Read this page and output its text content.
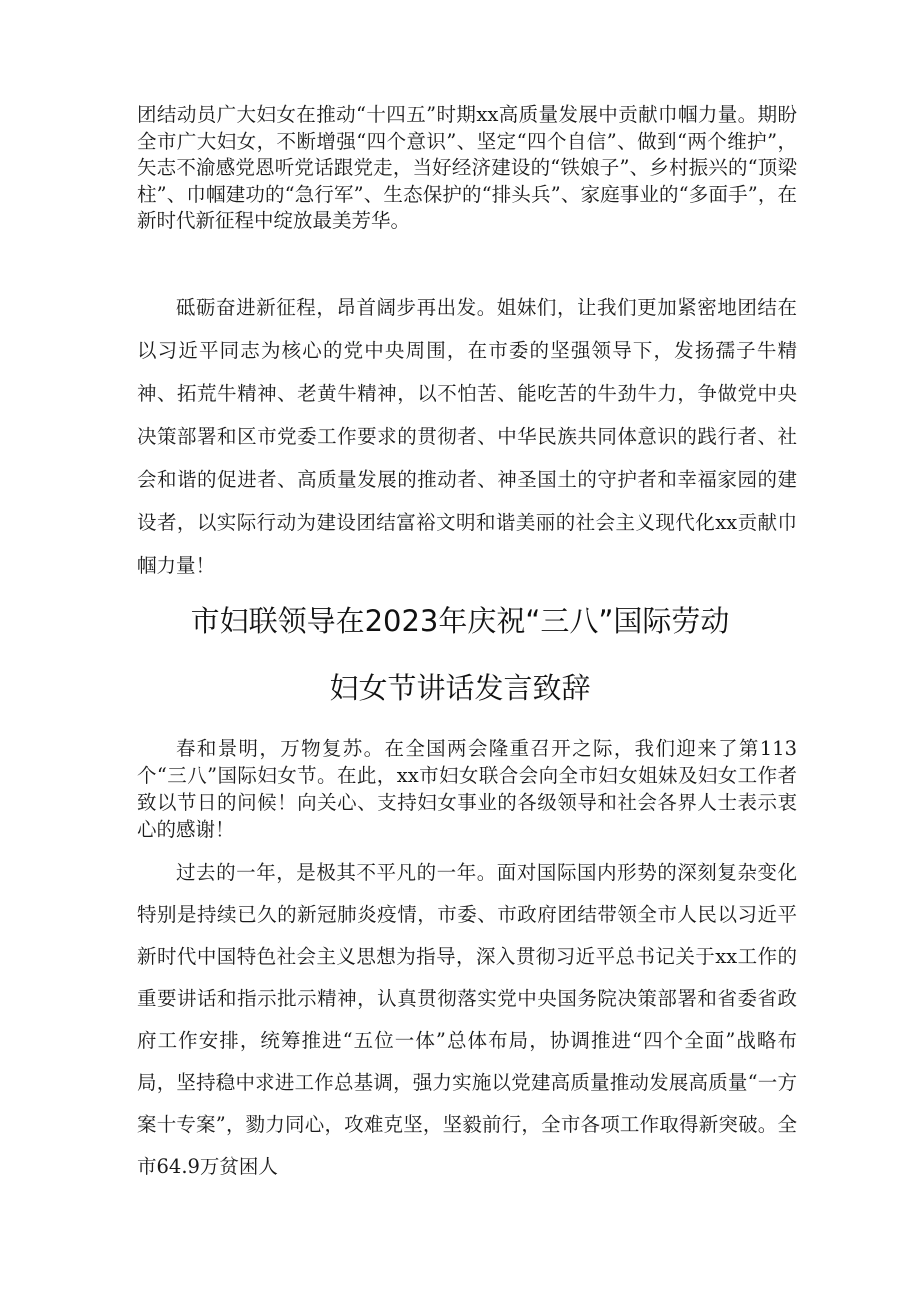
团结动员广大妇女在推动“十四五”时期xx高质量发展中贡献巾帼力量。期盼全市广大妇女，不断增强“四个意识”、坚定“四个自信”、做到“两个维护”，矢志不渝感党恩听党话跟党走，当好经济建设的“铁娘子”、乡村振兴的“顶梁柱”、巾帼建功的“急行军”、生态保护的“排头兵”、家庭事业的“多面手”，在新时代新征程中绽放最美芳华。

砥砺奋进新征程，昂首阔步再出发。姐妹们，让我们更加紧密地团结在以习近平同志为核心的党中央周围，在市委的坚强领导下，发扬孺子牛精神、拓荒牛精神、老黄牛精神，以不怕苦、能吃苦的牛劲牛力，争做党中央决策部署和区市党委工作要求的贯彻者、中华民族共同体意识的践行者、社会和谐的促进者、高质量发展的推动者、神圣国土的守护者和幸福家园的建设者，以实际行动为建设团结富裕文明和谐美丽的社会主义现代化xx贡献巾帼力量！

市妇联领导在2023年庆祝“三八”国际劳动
妇女节讲话发言致辞

春和景明，万物复苏。在全国两会隆重召开之际，我们迎来了第113个“三八”国际妇女节。在此，xx市妇女联合会向全市妇女姐妹及妇女工作者致以节日的问候！向关心、支持妇女事业的各级领导和社会各界人士表示衷心的感谢！

过去的一年，是极其不平凡的一年。面对国际国内形势的深刻复杂变化特别是持续已久的新冠肺炎疫情，市委、市政府团结带领全市人民以习近平新时代中国特色社会主义思想为指导，深入贯彻习近平总书记关于xx工作的重要讲话和指示批示精神，认真贯彻落实党中央国务院决策部署和省委省政府工作安排，统筹推进“五位一体”总体布局，协调推进“四个全面”战略布局，坚持稳中求进工作总基调，强力实施以党建高质量推动发展高质量“一方案十专案”，勠力同心，攻难克坚，坚毅前行，全市各项工作取得新突破。全市64.9万贫困人
